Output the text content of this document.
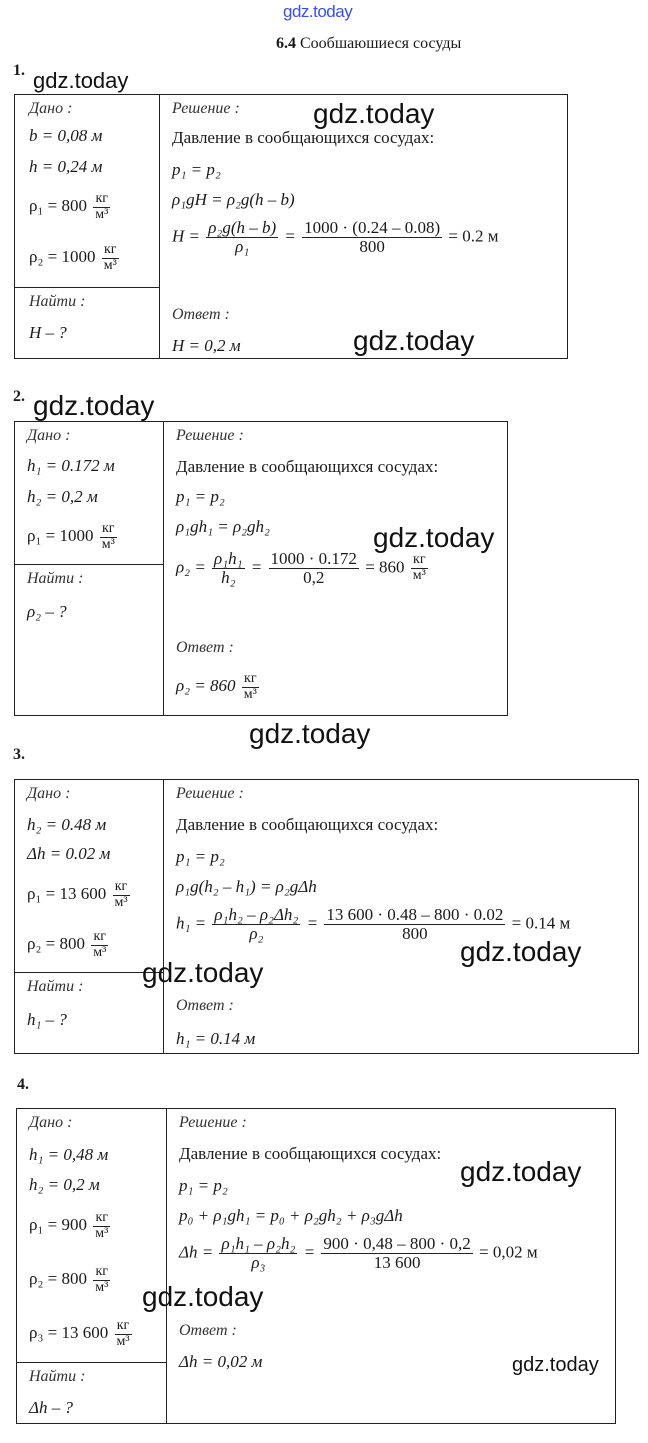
gdz.today
6.4 Сообшаюшиеся сосуды
1. gdz.today
Дано :
b = 0,08 м
h = 0,24 м
$\rho_1 = 800 \frac{кг}{\text{м³}}$
$\rho_2 = 1000 \frac{кг}{\text{м³}}$

Решение :
Давление в сообщающихся сосудах:
p₁ = p₂
ρ₁gH = ρ₂g(h – b)
$H = \frac{\text{ρ₂g(h – b)}}{\text{ρ₁}} = \frac{1000 \cdot (0.24 - 0.08)}{800} = 0.2$ м
Ответ :
H = 0,2 м

Найти :
H – ?
gdz.today
gdz.today
2. gdz.today
Дано :
h₁ = 0.172 м
h₂ = 0,2 м
$\rho_1 = 1000 \frac{кг}{\text{м³}}$

Решение :
Давление в сообщающихся сосудах:
p₁ = p₂
ρ₁gh₁ = ρ₂gh₂
$\rho_2 = \frac{\text{ρ₁h₁}}{\text{h₂}} = \frac{1000 \cdot 0.172}{0,2} = 860 \frac{кг}{\text{м³}}$
Ответ :
$\rho_2 = 860 \frac{кг}{\text{м³}}$

Найти :
ρ₂ – ?
gdz.today
gdz.today
3.
Дано :
h₂ = 0.48 м
Δh = 0.02 м
ρ₁ = 13 $600 \frac{кг}{\text{м³}}$
$\rho_2 = 800 \frac{кг}{\text{м³}}$

Решение :
Давление в сообщающихся сосудах:
p₁ = p₂
ρ₁g(h₂ – h₁) = ρ₂gΔh
$h_1 = \frac{\text{ρ₁h₂ – ρ₂Δh₂}}{\text{ρ₂}} = \frac{13 600 \cdot 0.48 - 800 \cdot 0.02}{800} = 0.14$ м
Ответ :
h₁ = 0.14 м

Найти :
h₁ – ?
gdz.today
gdz.today
4.
Дано :
h₁ = 0,48 м
h₂ = 0,2 м
$\rho_1 = 900 \frac{кг}{\text{м³}}$
$\rho_2 = 800 \frac{кг}{\text{м³}}$
ρ₃ = 13 $600 \frac{кг}{\text{м³}}$

Решение :
Давление в сообщающихся сосудах:
p₁ = p₂
p₀ + ρ₁gh₁ = p₀ + ρ₂gh₂ + ρ₃gΔh
$\Delta h = \frac{\text{ρ₁h₁ – ρ₂h₂}}{\text{ρ₃}} = \frac{900 \cdot 0,48 - 800 \cdot 0,2}{13 600} = 0,02$ м
Ответ :
Δh = 0,02 м

Найти :
Δh – ?
gdz.today
gdz.today
gdz.today
